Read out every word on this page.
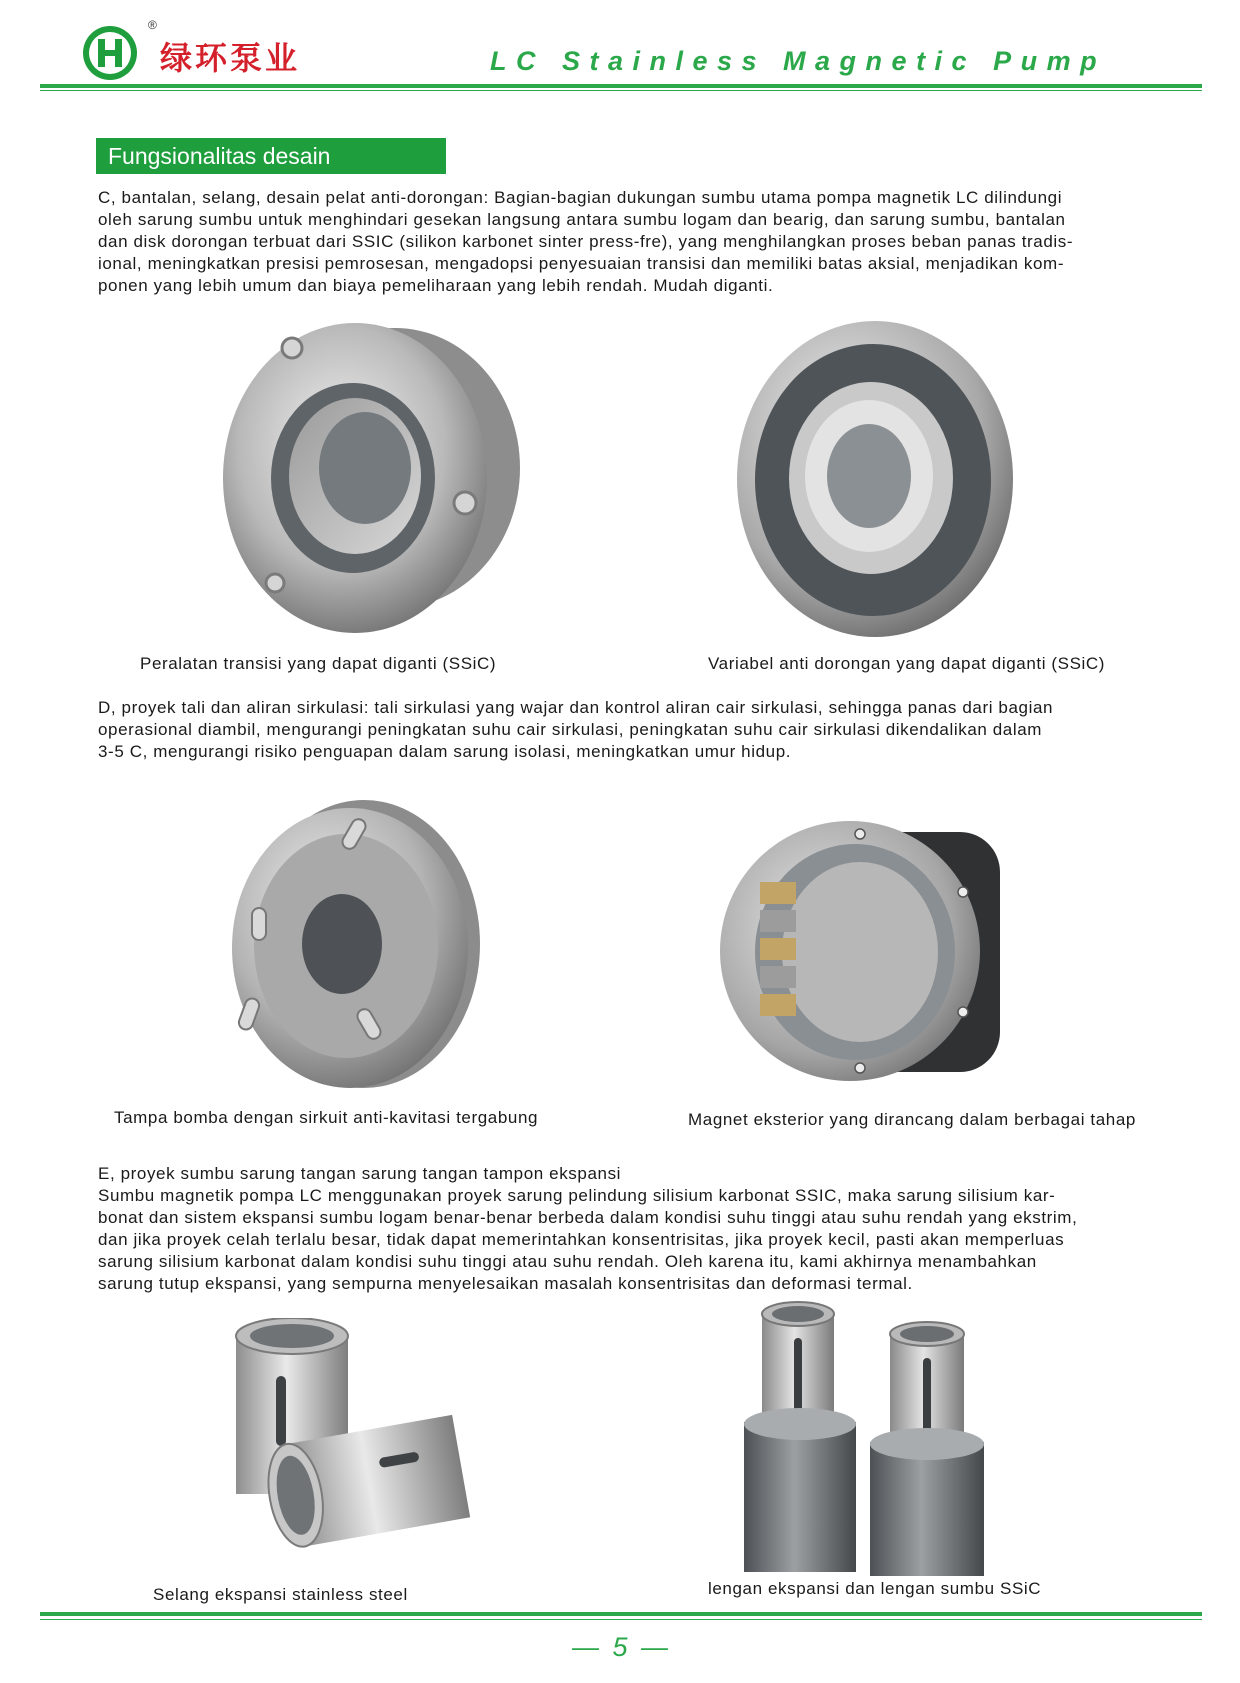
®
绿环泵业	LC Stainless Magnetic Pump
Fungsionalitas desain

C, bantalan, selang, desain pelat anti-dorongan: Bagian-bagian dukungan sumbu utama pompa magnetik LC dilindungi

oleh sarung sumbu untuk menghindari gesekan langsung antara sumbu logam dan bearig, dan sarung sumbu, bantalan

dan disk dorongan terbuat dari SSIC (silikon karbonet sinter press-fre), yang menghilangkan proses beban panas tradis-

ional, meningkatkan presisi pemrosesan, mengadopsi penyesuaian transisi dan memiliki batas aksial, menjadikan kom-

ponen yang lebih umum dan biaya pemeliharaan yang lebih rendah. Mudah diganti.

Peralatan transisi yang dapat diganti (SSiC)	Variabel anti dorongan yang dapat diganti (SSiC)

D, proyek tali dan aliran sirkulasi: tali sirkulasi yang wajar dan kontrol aliran cair sirkulasi, sehingga panas dari bagian

operasional diambil, mengurangi peningkatan suhu cair sirkulasi, peningkatan suhu cair sirkulasi dikendalikan dalam

3-5 C, mengurangi risiko penguapan dalam sarung isolasi, meningkatkan umur hidup.

Tampa bomba dengan sirkuit anti-kavitasi tergabung	Magnet eksterior yang dirancang dalam berbagai tahap

E, proyek sumbu sarung tangan sarung tangan tampon ekspansi

Sumbu magnetik pompa LC menggunakan proyek sarung pelindung silisium karbonat SSIC, maka sarung silisium kar-

bonat dan sistem ekspansi sumbu logam benar-benar berbeda dalam kondisi suhu tinggi atau suhu rendah yang ekstrim,

dan jika proyek celah terlalu besar, tidak dapat memerintahkan konsentrisitas, jika proyek kecil, pasti akan memperluas

sarung silisium karbonat dalam kondisi suhu tinggi atau suhu rendah. Oleh karena itu, kami akhirnya menambahkan

sarung tutup ekspansi, yang sempurna menyelesaikan masalah konsentrisitas dan deformasi termal.

Selang ekspansi stainless steel	lengan ekspansi dan lengan sumbu SSiC
— 5 —
